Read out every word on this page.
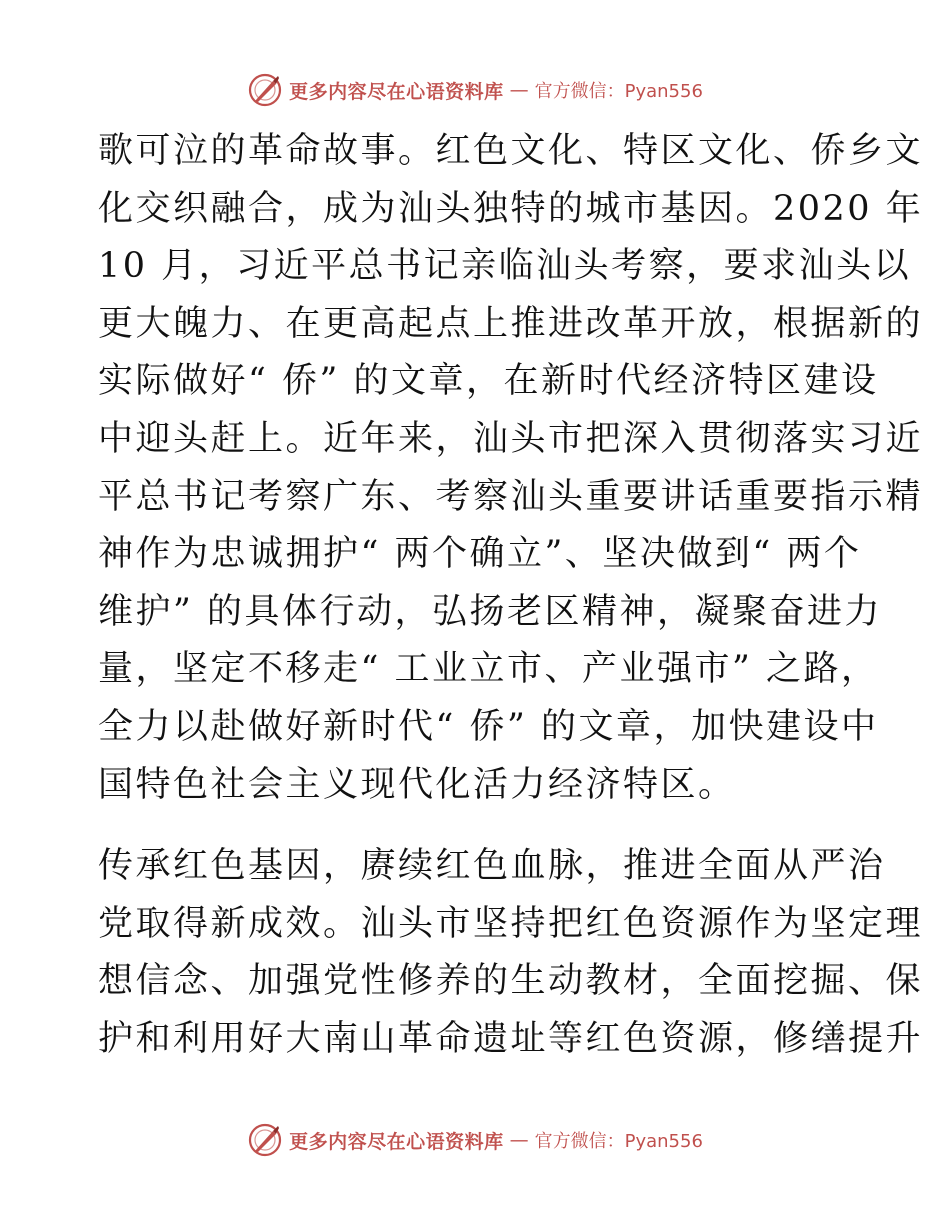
更多内容尽在心语资料库 — 官方微信：Pyan556
歌可泣的革命故事。红色文化、特区文化、侨乡文
化交织融合，成为汕头独特的城市基因。2020 年
10 月，习近平总书记亲临汕头考察，要求汕头以
更大魄力、在更高起点上推进改革开放，根据新的
实际做好“ 侨” 的文章，在新时代经济特区建设
中迎头赶上。近年来，汕头市把深入贯彻落实习近
平总书记考察广东、考察汕头重要讲话重要指示精
神作为忠诚拥护“ 两个确立”、坚决做到“ 两个
维护” 的具体行动，弘扬老区精神，凝聚奋进力
量，坚定不移走“ 工业立市、产业强市” 之路，
全力以赴做好新时代“ 侨” 的文章，加快建设中
国特色社会主义现代化活力经济特区。
传承红色基因，赓续红色血脉，推进全面从严治
党取得新成效。汕头市坚持把红色资源作为坚定理
想信念、加强党性修养的生动教材，全面挖掘、保
护和利用好大南山革命遗址等红色资源，修缮提升
更多内容尽在心语资料库 — 官方微信：Pyan556
